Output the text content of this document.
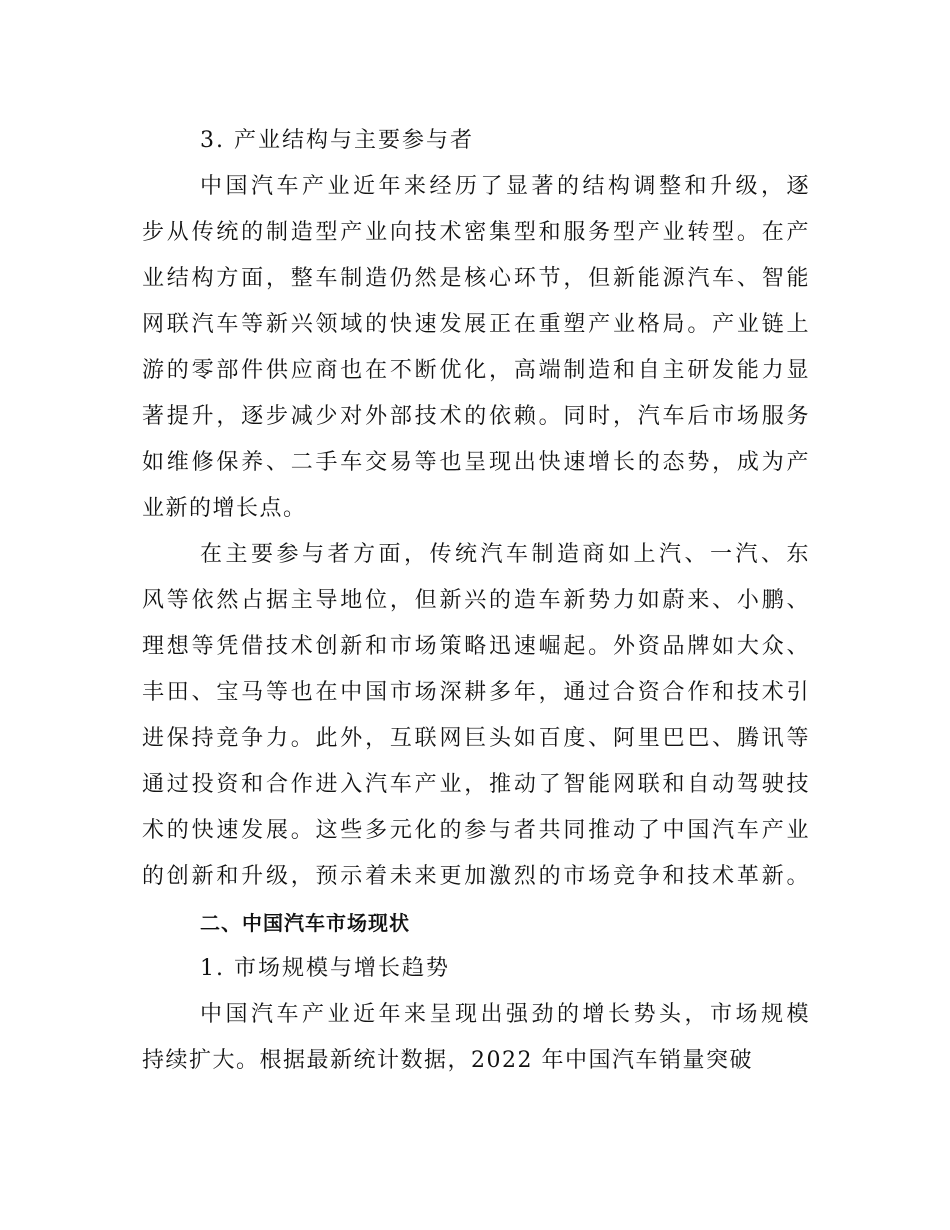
3. 产业结构与主要参与者
中国汽车产业近年来经历了显著的结构调整和升级，逐
步从传统的制造型产业向技术密集型和服务型产业转型。在产
业结构方面，整车制造仍然是核心环节，但新能源汽车、智能
网联汽车等新兴领域的快速发展正在重塑产业格局。产业链上
游的零部件供应商也在不断优化，高端制造和自主研发能力显
著提升，逐步减少对外部技术的依赖。同时，汽车后市场服务
如维修保养、二手车交易等也呈现出快速增长的态势，成为产
业新的增长点。
在主要参与者方面，传统汽车制造商如上汽、一汽、东
风等依然占据主导地位，但新兴的造车新势力如蔚来、小鹏、
理想等凭借技术创新和市场策略迅速崛起。外资品牌如大众、
丰田、宝马等也在中国市场深耕多年，通过合资合作和技术引
进保持竞争力。此外，互联网巨头如百度、阿里巴巴、腾讯等
通过投资和合作进入汽车产业，推动了智能网联和自动驾驶技
术的快速发展。这些多元化的参与者共同推动了中国汽车产业
的创新和升级，预示着未来更加激烈的市场竞争和技术革新。
二、中国汽车市场现状
1. 市场规模与增长趋势
中国汽车产业近年来呈现出强劲的增长势头，市场规模
持续扩大。根据最新统计数据，2022 年中国汽车销量突破
